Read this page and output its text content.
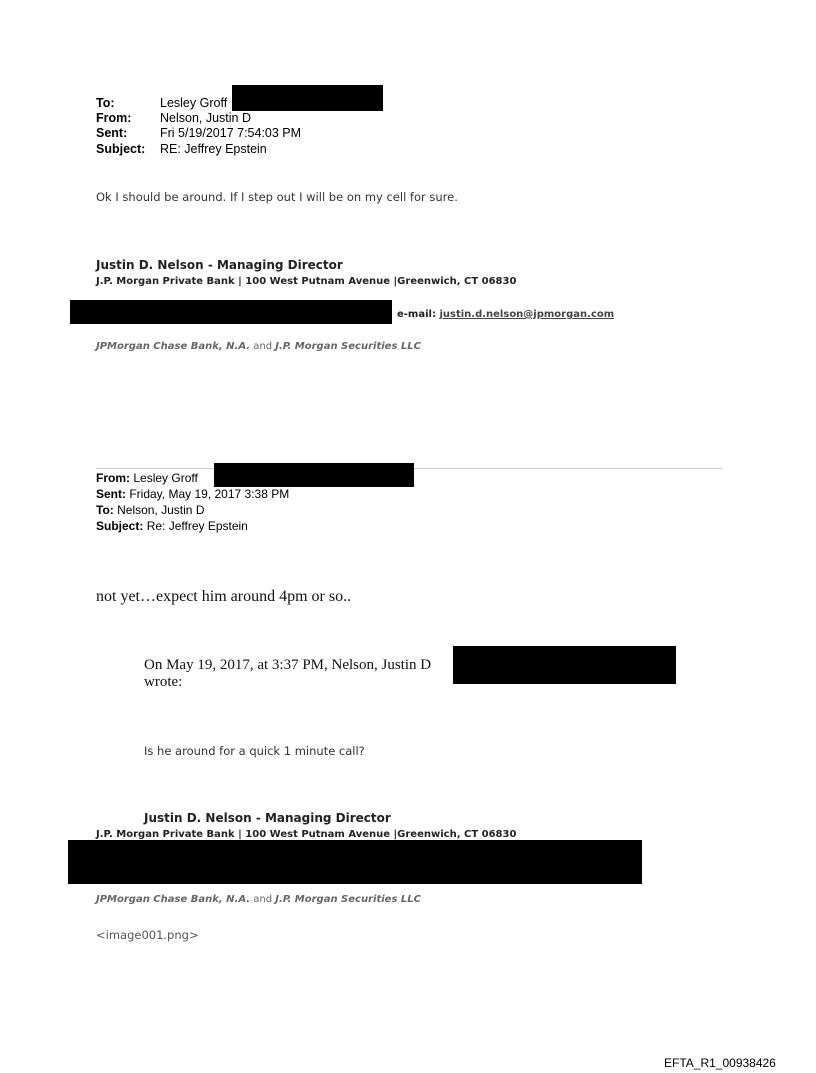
To:	Lesley Groff
From: Nelson, Justin D
Sent:	Fri 5/19/2017 7:54:03 PM
Subject: RE: Jeffrey Epstein
Ok I should be around. If I step out I will be on my cell for sure.
Justin D. Nelson - Managing Director
J.P. Morgan Private Bank | 100 West Putnam Avenue |Greenwich, CT 06830
e-mail: justin.d.nelson@jpmorgan.com
JPMorgan Chase Bank, N.A. and J.P. Morgan Securities LLC
From: Lesley Groff
Sent: Friday, May 19, 2017 3:38 PM
To: Nelson, Justin D
Subject: Re: Jeffrey Epstein
not yet…expect him around 4pm or so..
On May 19, 2017, at 3:37 PM, Nelson, Justin D
wrote:
Is he around for a quick 1 minute call?
Justin D. Nelson - Managing Director
J.P. Morgan Private Bank | 100 West Putnam Avenue |Greenwich, CT 06830
JPMorgan Chase Bank, N.A. and J.P. Morgan Securities LLC
<image001.png>
EFTA_R1_00938426
